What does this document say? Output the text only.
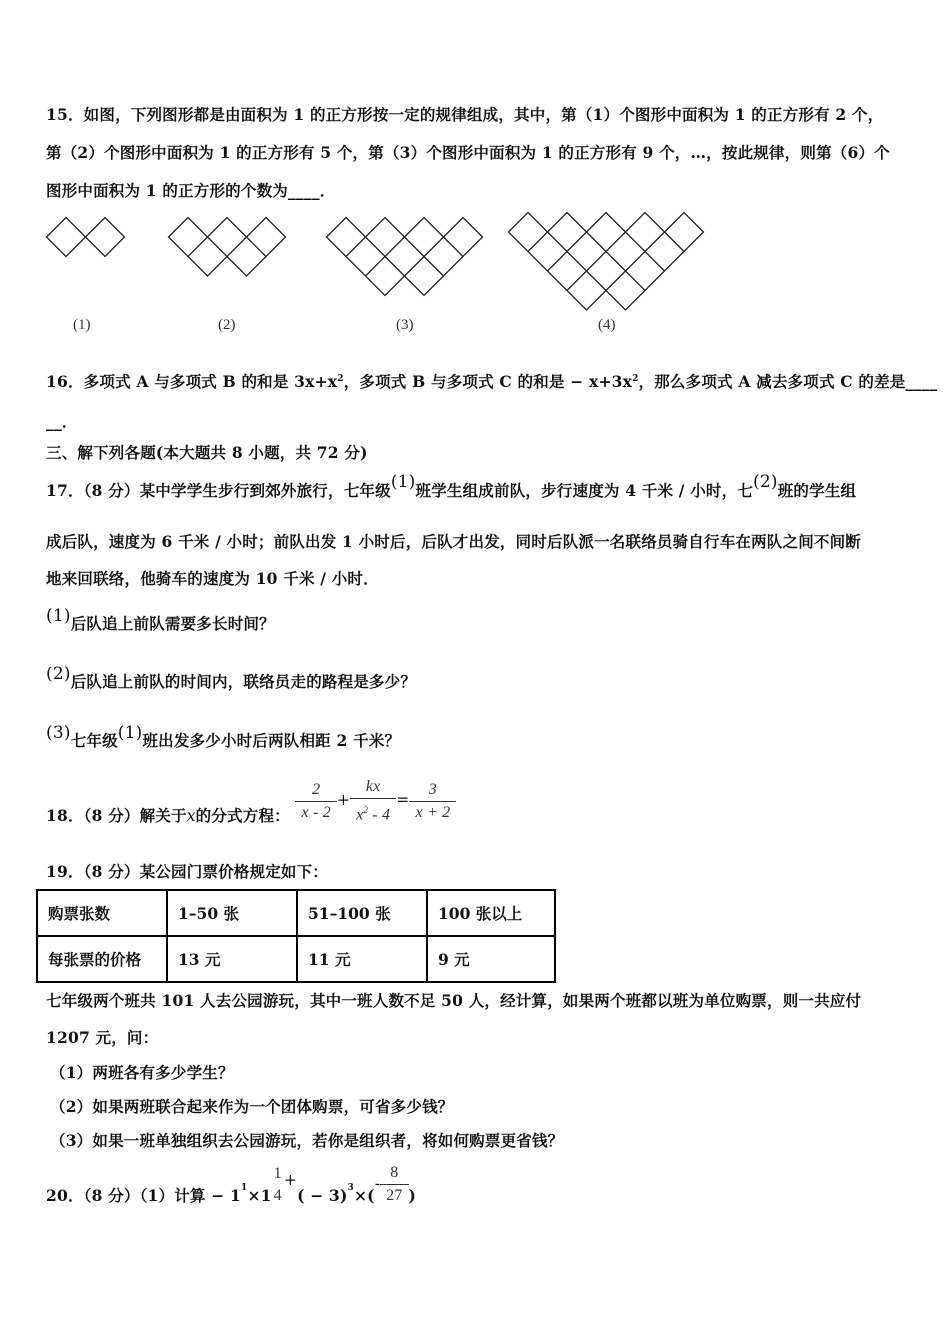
15．如图，下列图形都是由面积为 1 的正方形按一定的规律组成，其中，第（1）个图形中面积为 1 的正方形有 2 个，
第（2）个图形中面积为 1 的正方形有 5 个，第（3）个图形中面积为 1 的正方形有 9 个，…，按此规律，则第（6）个
图形中面积为 1 的正方形的个数为____．
(1)	(2)	(3)	(4)
16．多项式 A 与多项式 B 的和是 $3x+x^2$，多项式 B 与多项式 C 的和是 − $x+3x^2$，那么多项式 A 减去多项式 C 的差是____
__．
三、解下列各题(本大题共 8 小题，共 72 分)
17．（8 分）某中学学生步行到郊外旅行，七年级(1)班学生组成前队，步行速度为 4 千米 / 小时，七(2)班的学生组
成后队，速度为 6 千米 / 小时；前队出发 1 小时后，后队才出发，同时后队派一名联络员骑自行车在两队之间不间断
地来回联络，他骑车的速度为 10 千米 / 小时．
(1)后队追上前队需要多长时间？
(2)后队追上前队的时间内，联络员走的路程是多少？
(3)七年级(1)班出发多少小时后两队相距 2 千米？
18．（8 分）解关于x的分式方程： $\frac{2}{x - 2} + \frac{kx}{x^2 - 4} = \frac{3}{x + 2}$
19．（8 分）某公园门票价格规定如下：
购票张数	1–50 张	51–100 张	100 张以上
每张票的价格	13 元	11 元	9 元
七年级两个班共 101 人去公园游玩，其中一班人数不足 50 人，经计算，如果两个班都以班为单位购票，则一共应付
1207 元，问：
（1）两班各有多少学生？
（2）如果两班联合起来作为一个团体购票，可省多少钱？
（3）如果一班单独组织去公园游玩，若你是组织者，将如何购票更省钱？
20．（8 分）（1）计算 − $1^1\times 1$
1
4
+( − $3)^3\times(- \frac{8}{27}$ )
